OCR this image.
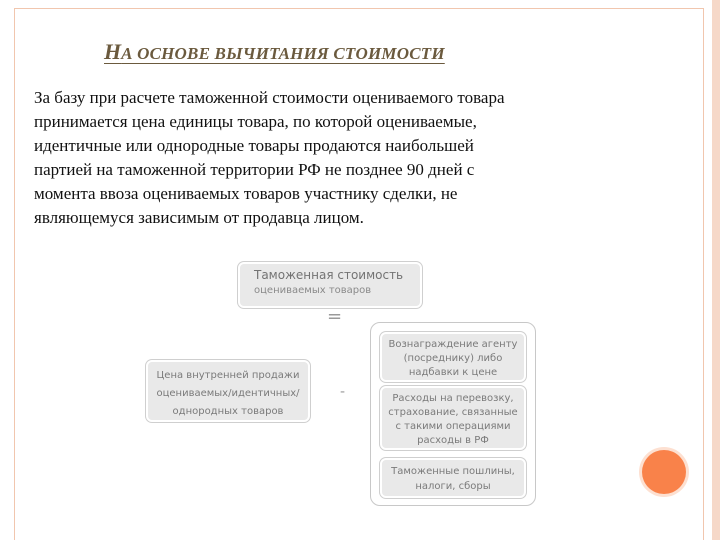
НА ОСНОВЕ ВЫЧИТАНИЯ СТОИМОСТИ

За базу при расчете таможенной стоимости оцениваемого товара
принимается цена единицы товара, по которой оцениваемые,
идентичные или однородные товары продаются наибольшей
партией на таможенной территории РФ не позднее 90 дней с
момента ввоза оцениваемых товаров участнику сделки, не
являющемуся зависимым от продавца лицом.

Таможенная стоимость
оцениваемых товаров
=
Цена внутренней продажи
оцениваемых/идентичных/
однородных товаров
-
Вознаграждение агенту
(посреднику) либо
надбавки к цене
Расходы на перевозку,
страхование, связанные
с такими операциями
расходы в РФ
Таможенные пошлины,
налоги, сборы
